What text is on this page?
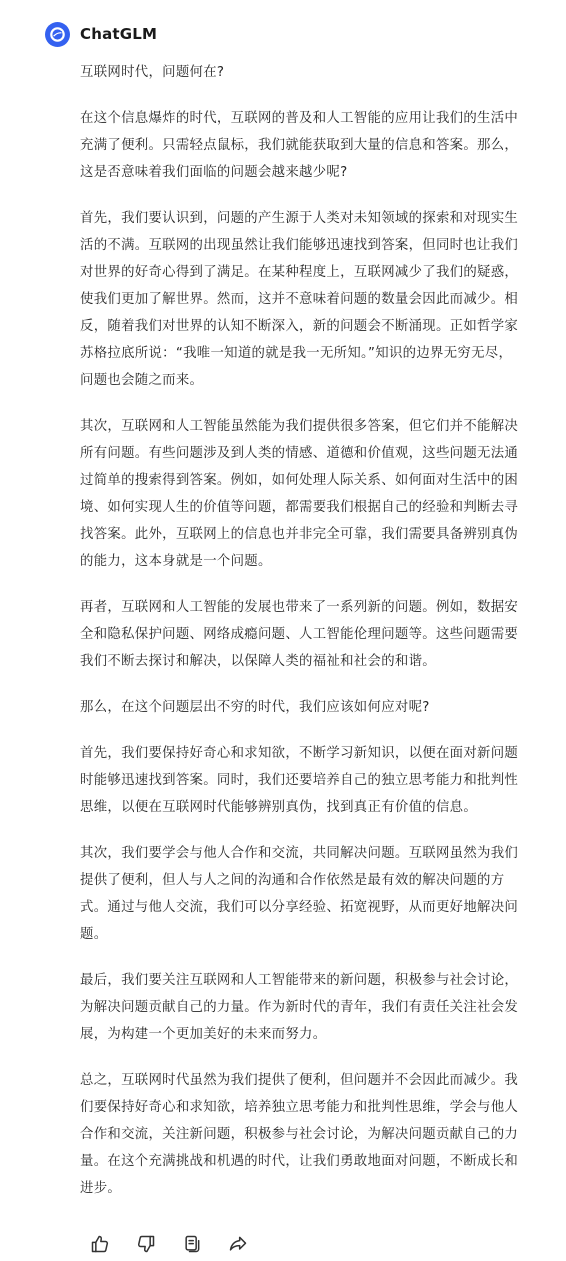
ChatGLM

互联网时代，问题何在?

在这个信息爆炸的时代，互联网的普及和人工智能的应用让我们的生活中充满了便利。只需轻点鼠标，我们就能获取到大量的信息和答案。那么，这是否意味着我们面临的问题会越来越少呢?

首先，我们要认识到，问题的产生源于人类对未知领域的探索和对现实生活的不满。互联网的出现虽然让我们能够迅速找到答案，但同时也让我们对世界的好奇心得到了满足。在某种程度上，互联网减少了我们的疑惑，使我们更加了解世界。然而，这并不意味着问题的数量会因此而减少。相反，随着我们对世界的认知不断深入，新的问题会不断涌现。正如哲学家苏格拉底所说：“我唯一知道的就是我一无所知。”知识的边界无穷无尽，问题也会随之而来。

其次，互联网和人工智能虽然能为我们提供很多答案，但它们并不能解决所有问题。有些问题涉及到人类的情感、道德和价值观，这些问题无法通过简单的搜索得到答案。例如，如何处理人际关系、如何面对生活中的困境、如何实现人生的价值等问题，都需要我们根据自己的经验和判断去寻找答案。此外，互联网上的信息也并非完全可靠，我们需要具备辨别真伪的能力，这本身就是一个问题。

再者，互联网和人工智能的发展也带来了一系列新的问题。例如，数据安全和隐私保护问题、网络成瘾问题、人工智能伦理问题等。这些问题需要我们不断去探讨和解决，以保障人类的福祉和社会的和谐。

那么，在这个问题层出不穷的时代，我们应该如何应对呢?

首先，我们要保持好奇心和求知欲，不断学习新知识，以便在面对新问题时能够迅速找到答案。同时，我们还要培养自己的独立思考能力和批判性思维，以便在互联网时代能够辨别真伪，找到真正有价值的信息。

其次，我们要学会与他人合作和交流，共同解决问题。互联网虽然为我们提供了便利，但人与人之间的沟通和合作依然是最有效的解决问题的方式。通过与他人交流，我们可以分享经验、拓宽视野，从而更好地解决问题。

最后，我们要关注互联网和人工智能带来的新问题，积极参与社会讨论，为解决问题贡献自己的力量。作为新时代的青年，我们有责任关注社会发展，为构建一个更加美好的未来而努力。

总之，互联网时代虽然为我们提供了便利，但问题并不会因此而减少。我们要保持好奇心和求知欲，培养独立思考能力和批判性思维，学会与他人合作和交流，关注新问题，积极参与社会讨论，为解决问题贡献自己的力量。在这个充满挑战和机遇的时代，让我们勇敢地面对问题，不断成长和进步。
